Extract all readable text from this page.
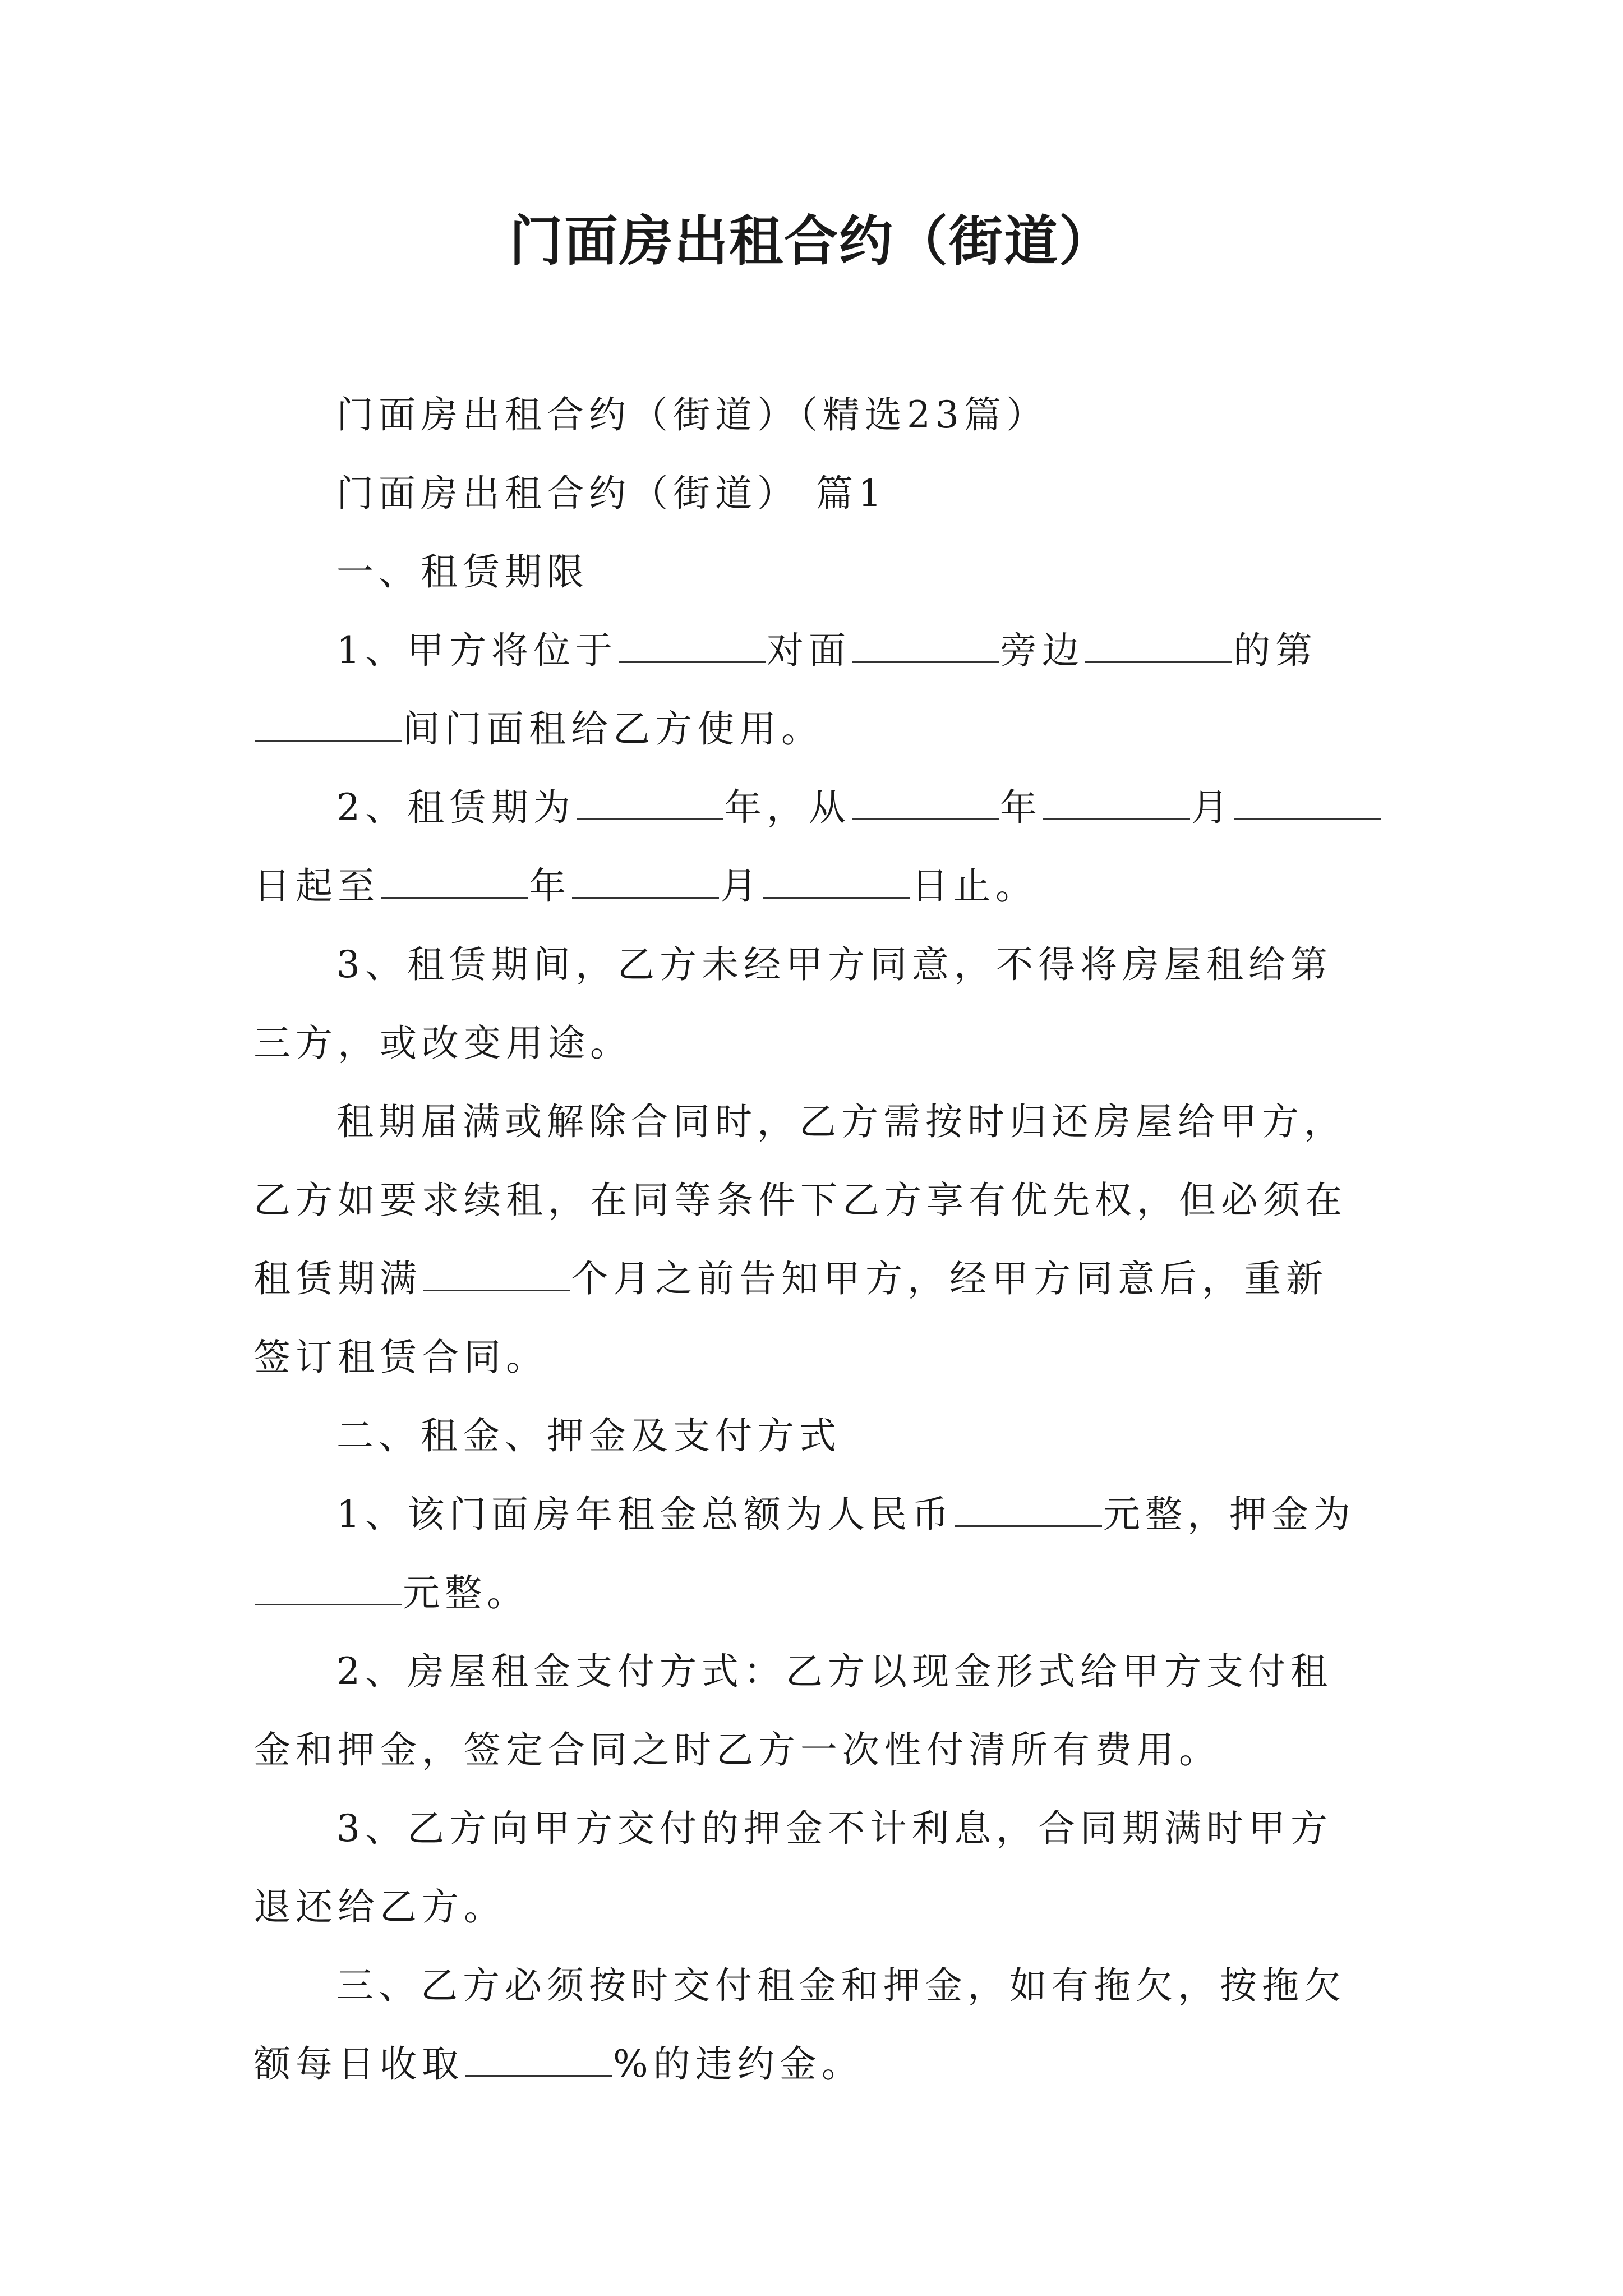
门面房出租合约（街道）
门面房出租合约（街道）（精选23篇）
门面房出租合约（街道） 篇1
一、租赁期限
1、甲方将位于	对面	旁边	的第
间门面租给乙方使用。
2、租赁期为	年，从	年	月
日起至	年	月	日止。
3、租赁期间，乙方未经甲方同意，不得将房屋租给第
三方，或改变用途。
租期届满或解除合同时，乙方需按时归还房屋给甲方，
乙方如要求续租，在同等条件下乙方享有优先权，但必须在
租赁期满	个月之前告知甲方，经甲方同意后，重新
签订租赁合同。
二、租金、押金及支付方式
1、该门面房年租金总额为人民币	元整，押金为
元整。
2、房屋租金支付方式：乙方以现金形式给甲方支付租
金和押金，签定合同之时乙方一次性付清所有费用。
3、乙方向甲方交付的押金不计利息，合同期满时甲方
退还给乙方。
三、乙方必须按时交付租金和押金，如有拖欠，按拖欠
额每日收取	%的违约金。
